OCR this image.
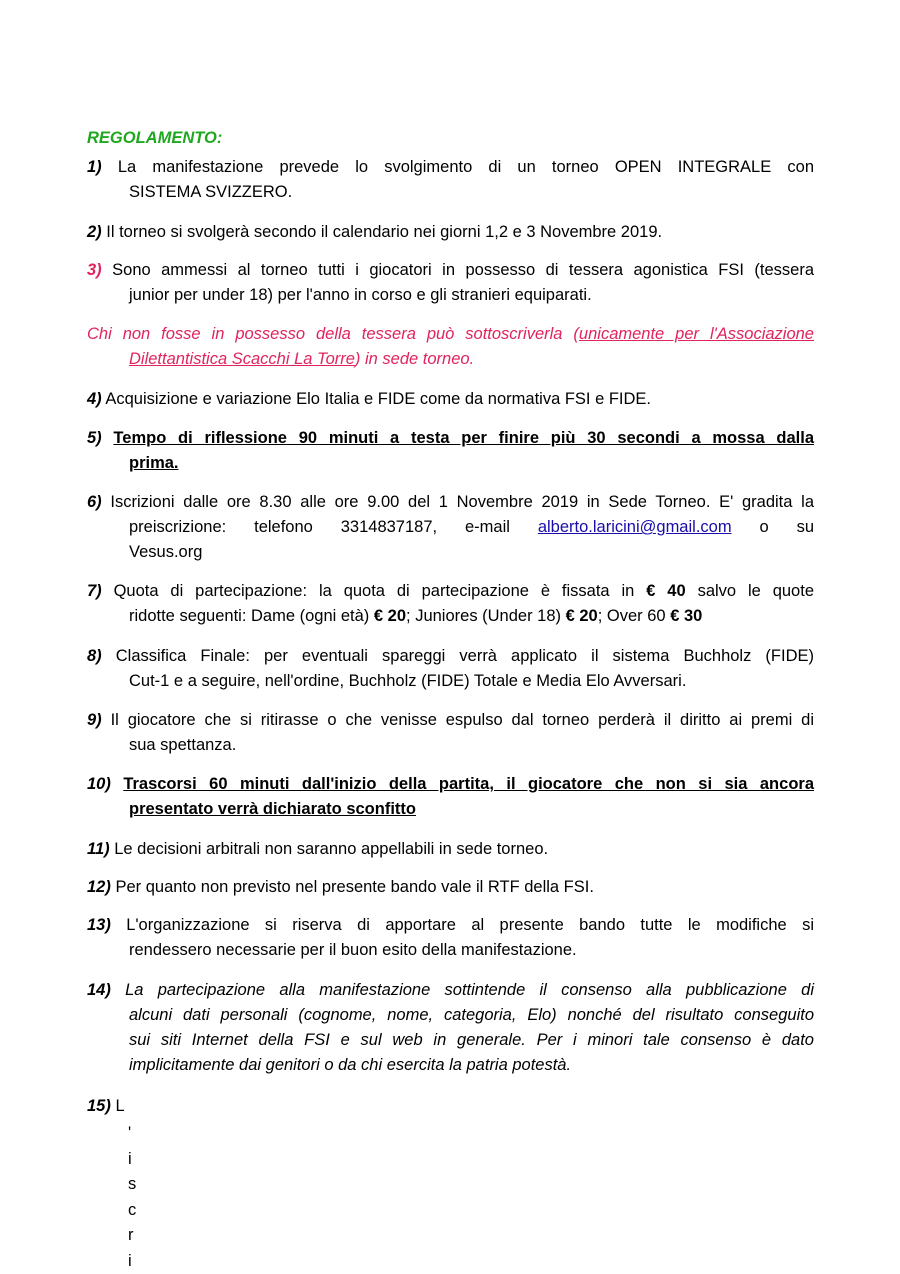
REGOLAMENTO:
1) La manifestazione prevede lo svolgimento di un torneo OPEN INTEGRALE con
SISTEMA SVIZZERO.
2) Il torneo si svolgerà secondo il calendario nei giorni 1,2 e 3 Novembre 2019.
3) Sono ammessi al torneo tutti i giocatori in possesso di tessera agonistica FSI (tessera
junior per under 18) per l'anno in corso e gli stranieri equiparati.
Chi non fosse in possesso della tessera può sottoscriverla (unicamente per l'Associazione
Dilettantistica Scacchi La Torre) in sede torneo.
4) Acquisizione e variazione Elo Italia e FIDE come da normativa FSI e FIDE.
5) Tempo di riflessione 90 minuti a testa per finire più 30 secondi a mossa dalla
prima.
6) Iscrizioni dalle ore 8.30 alle ore 9.00 del 1 Novembre 2019 in Sede Torneo. E' gradita la
preiscrizione: telefono 3314837187, e-mail alberto.laricini@gmail.com o su
Vesus.org
7) Quota di partecipazione: la quota di partecipazione è fissata in € 40 salvo le quote
ridotte seguenti: Dame (ogni età) € 20; Juniores (Under 18) € 20; Over 60 € 30
8) Classifica Finale: per eventuali spareggi verrà applicato il sistema Buchholz (FIDE)
Cut-1 e a seguire, nell'ordine, Buchholz (FIDE) Totale e Media Elo Avversari.
9) Il giocatore che si ritirasse o che venisse espulso dal torneo perderà il diritto ai premi di
sua spettanza.
10) Trascorsi 60 minuti dall'inizio della partita, il giocatore che non si sia ancora
presentato verrà dichiarato sconfitto
11) Le decisioni arbitrali non saranno appellabili in sede torneo.
12) Per quanto non previsto nel presente bando vale il RTF della FSI.
13) L'organizzazione si riserva di apportare al presente bando tutte le modifiche si
rendessero necessarie per il buon esito della manifestazione.
14) La partecipazione alla manifestazione sottintende il consenso alla pubblicazione di
alcuni dati personali (cognome, nome, categoria, Elo) nonché del risultato conseguito
sui siti Internet della FSI e sul web in generale. Per i minori tale consenso è dato
implicitamente dai genitori o da chi esercita la patria potestà.
15) L
'
i
s
c
r
i
